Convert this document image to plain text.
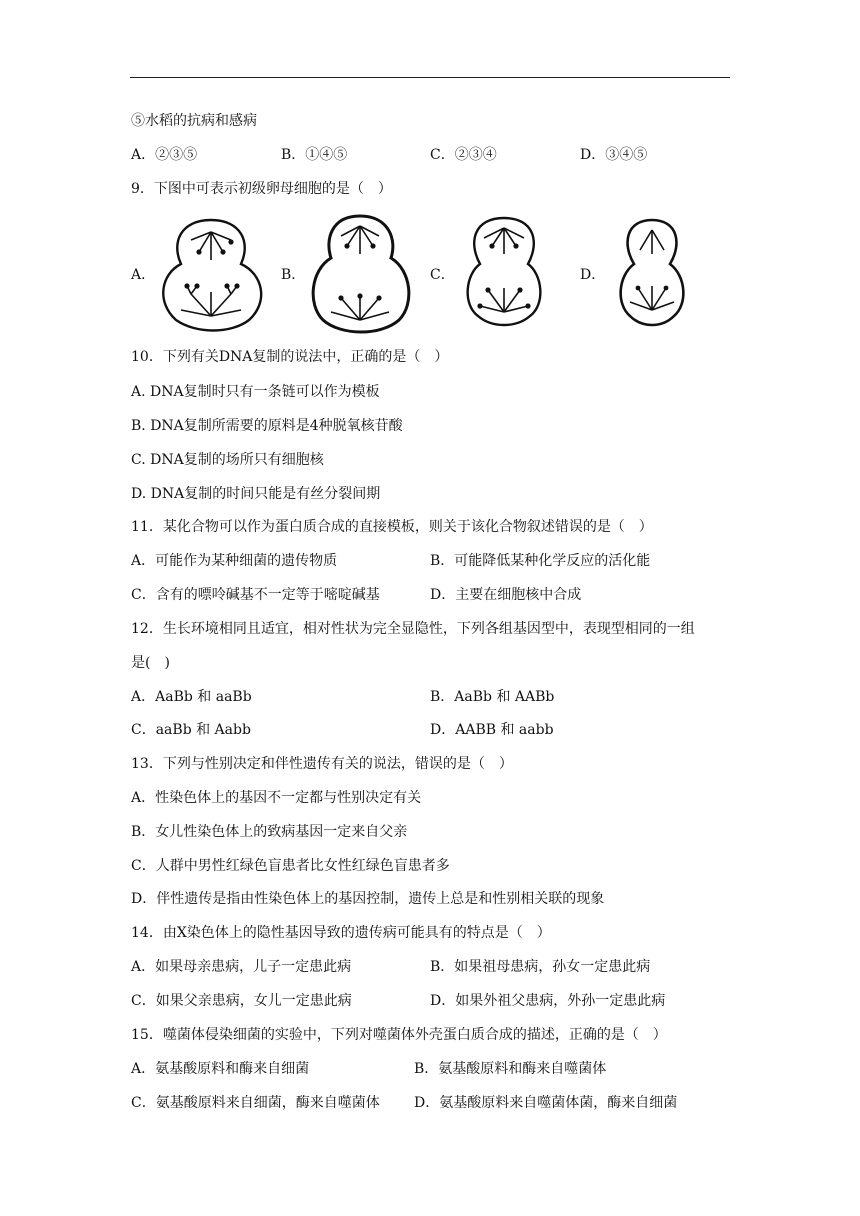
⑤水稻的抗病和感病
A．②③⑤	B．①④⑤	C．②③④	D．③④⑤
9．下图中可表示初级卵母细胞的是（　）
A．	B．	C．	D．
10．下列有关DNA复制的说法中，正确的是（　）
A. DNA复制时只有一条链可以作为模板
B. DNA复制所需要的原料是4种脱氧核苷酸
C. DNA复制的场所只有细胞核
D. DNA复制的时间只能是有丝分裂间期
11．某化合物可以作为蛋白质合成的直接模板，则关于该化合物叙述错误的是（　）
A．可能作为某种细菌的遗传物质	B．可能降低某种化学反应的活化能
C．含有的嘌呤碱基不一定等于嘧啶碱基	D．主要在细胞核中合成
12．生长环境相同且适宜，相对性状为完全显隐性，下列各组基因型中，表现型相同的一组
是(　)
A．AaBb 和 aaBb	B．AaBb 和 AABb
C．aaBb 和 Aabb	D．AABB 和 aabb
13．下列与性别决定和伴性遗传有关的说法，错误的是（　）
A．性染色体上的基因不一定都与性别决定有关
B．女儿性染色体上的致病基因一定来自父亲
C．人群中男性红绿色盲患者比女性红绿色盲患者多
D．伴性遗传是指由性染色体上的基因控制，遗传上总是和性别相关联的现象
14．由X染色体上的隐性基因导致的遗传病可能具有的特点是（　）
A．如果母亲患病，儿子一定患此病	B．如果祖母患病，孙女一定患此病
C．如果父亲患病，女儿一定患此病	D．如果外祖父患病，外孙一定患此病
15．噬菌体侵染细菌的实验中，下列对噬菌体外壳蛋白质合成的描述，正确的是（　）
A．氨基酸原料和酶来自细菌	B．氨基酸原料和酶来自噬菌体
C．氨基酸原料来自细菌，酶来自噬菌体 D．氨基酸原料来自噬菌体菌，酶来自细菌
